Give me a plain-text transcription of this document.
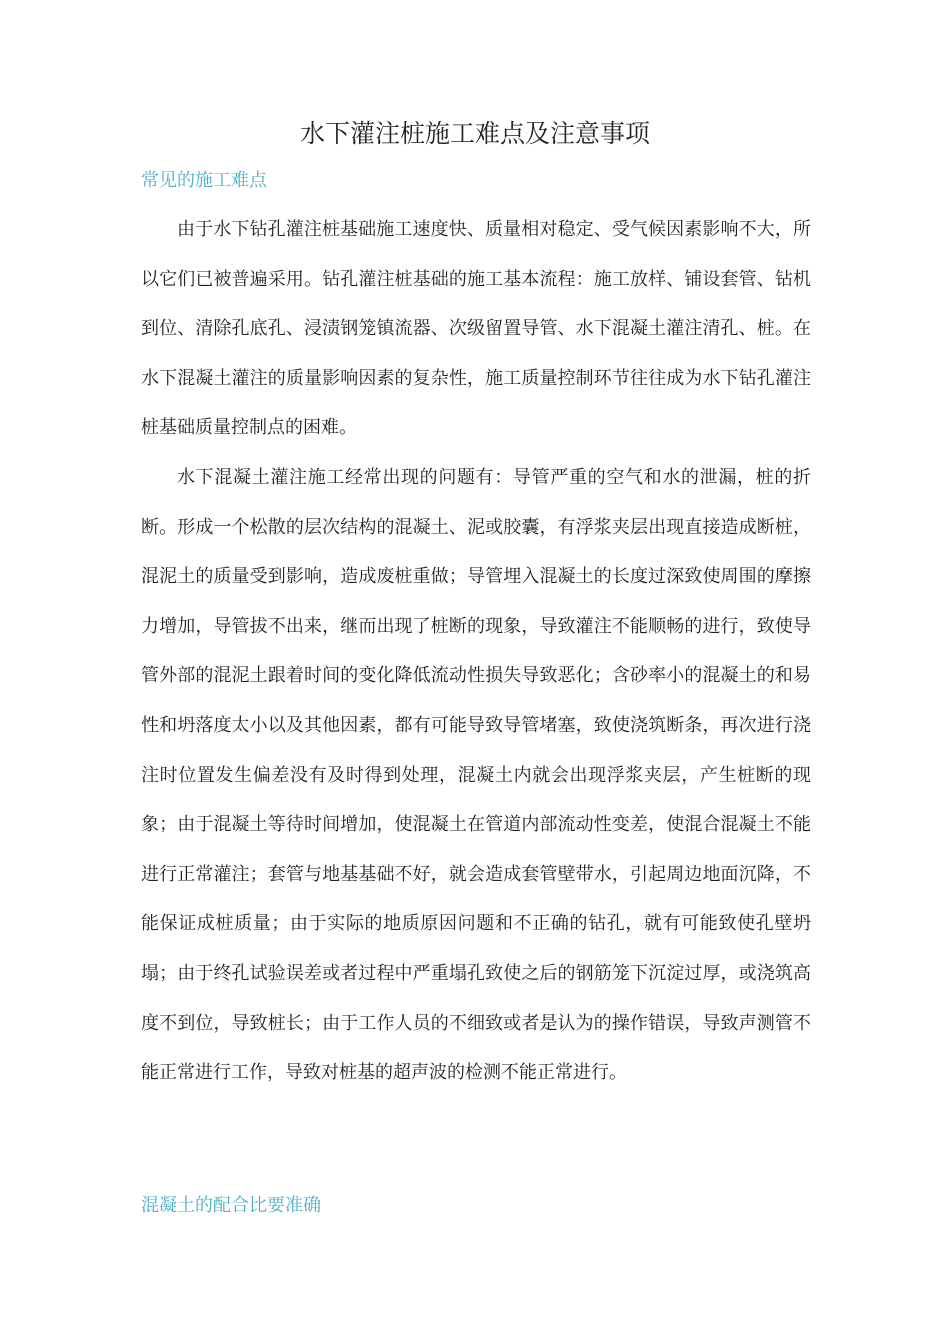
水下灌注桩施工难点及注意事项
常见的施工难点

由于水下钻孔灌注桩基础施工速度快、质量相对稳定、受气候因素影响不大，所以它们已被普遍采用。钻孔灌注桩基础的施工基本流程：施工放样、铺设套管、钻机到位、清除孔底孔、浸渍钢笼镇流器、次级留置导管、水下混凝土灌注清孔、桩。在水下混凝土灌注的质量影响因素的复杂性，施工质量控制环节往往成为水下钻孔灌注桩基础质量控制点的困难。

水下混凝土灌注施工经常出现的问题有：导管严重的空气和水的泄漏，桩的折断。形成一个松散的层次结构的混凝土、泥或胶囊，有浮浆夹层出现直接造成断桩，混泥土的质量受到影响，造成废桩重做；导管埋入混凝土的长度过深致使周围的摩擦力增加，导管拔不出来，继而出现了桩断的现象，导致灌注不能顺畅的进行，致使导管外部的混泥土跟着时间的变化降低流动性损失导致恶化；含砂率小的混凝土的和易性和坍落度太小以及其他因素，都有可能导致导管堵塞，致使浇筑断条，再次进行浇注时位置发生偏差没有及时得到处理，混凝土内就会出现浮浆夹层，产生桩断的现象；由于混凝土等待时间增加，使混凝土在管道内部流动性变差，使混合混凝土不能进行正常灌注；套管与地基基础不好，就会造成套管壁带水，引起周边地面沉降，不能保证成桩质量；由于实际的地质原因问题和不正确的钻孔，就有可能致使孔壁坍塌；由于终孔试验误差或者过程中严重塌孔致使之后的钢筋笼下沉淀过厚，或浇筑高度不到位，导致桩长；由于工作人员的不细致或者是认为的操作错误，导致声测管不能正常进行工作，导致对桩基的超声波的检测不能正常进行。

混凝土的配合比要准确
